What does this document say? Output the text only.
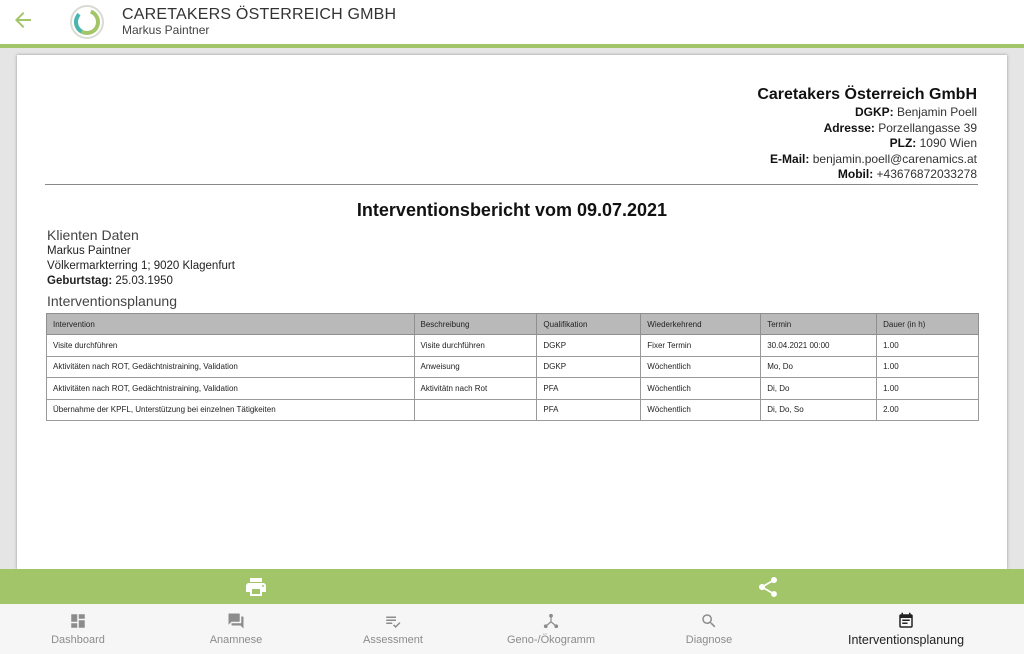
CARETAKERS ÖSTERREICH GMBH
Markus Paintner
Caretakers Österreich GmbH
DGKP: Benjamin Poell
Adresse: Porzellangasse 39
PLZ: 1090 Wien
E-Mail: benjamin.poell@carenamics.at
Mobil: +43676872033278
Interventionsbericht vom 09.07.2021
Klienten Daten
Markus Paintner
Völkermarkterring 1; 9020 Klagenfurt
Geburtstag: 25.03.1950
Interventionsplanung
Intervention	Beschreibung	Qualifikation	Wiederkehrend	Termin	Dauer (in h)
Visite durchführen	Visite durchführen	DGKP	Fixer Termin	30.04.2021 00:00	1.00
Aktivitäten nach ROT, Gedächtnistraining, Validation	Anweisung	DGKP	Wöchentlich	Mo, Do	1.00
Aktivitäten nach ROT, Gedächtnistraining, Validation	Aktivitätn nach Rot	PFA	Wöchentlich	Di, Do	1.00
Übernahme der KPFL, Unterstützung bei einzelnen Tätigkeiten		PFA	Wöchentlich	Di, Do, So	2.00
Dashboard	Anamnese	Assessment	Geno-/Ökogramm	Diagnose	Interventionsplanung
